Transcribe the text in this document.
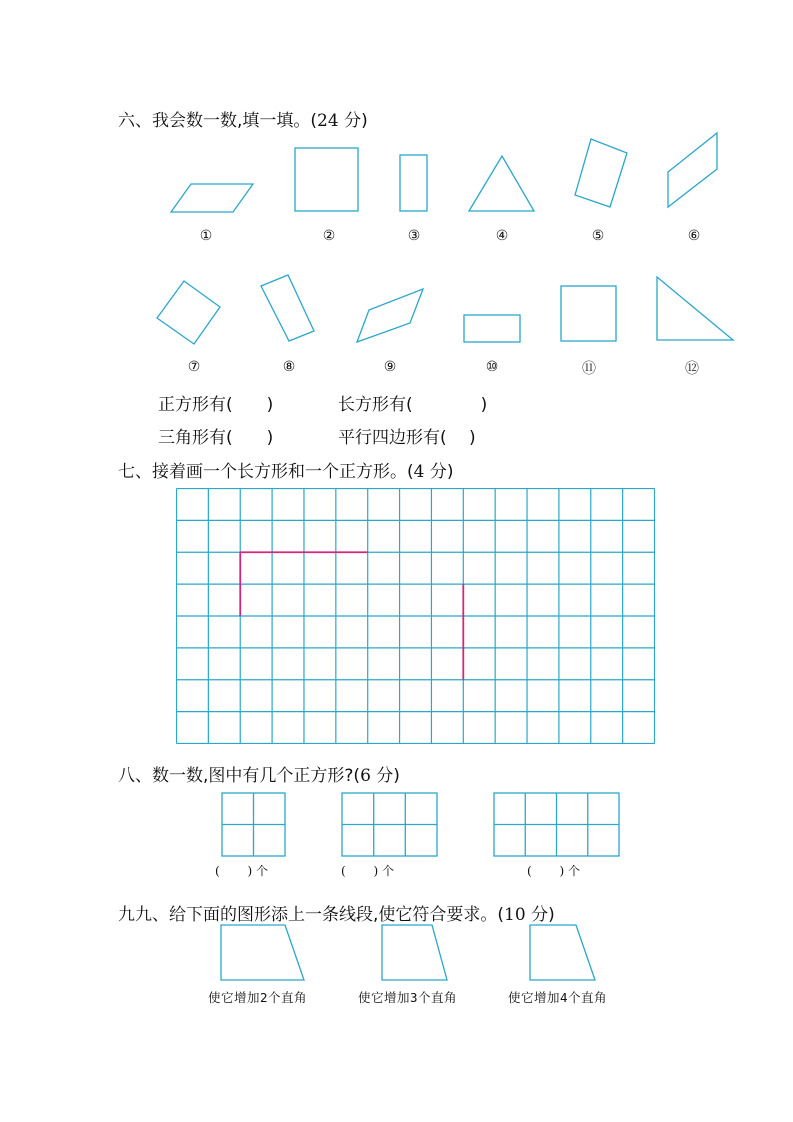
六、我会数一数,填一填。(24 分)
①	②	③	④	⑤	⑥
⑦	⑧	⑨	⑩	⑪	⑫
正方形有(　　 )	长方形有(　　　　	)
三角形有(　　 )	平行四边形有(　 )
七、接着画一个长方形和一个正方形。(4 分)
八、数一数,图中有几个正方形?(6 分)
(　　 ) 个	(　　 ) 个	(　　 ) 个
九九、给下面的图形添上一条线段,使它符合要求。(10 分)
使它增加2个直角	使它增加3个直角	使它增加4个直角
